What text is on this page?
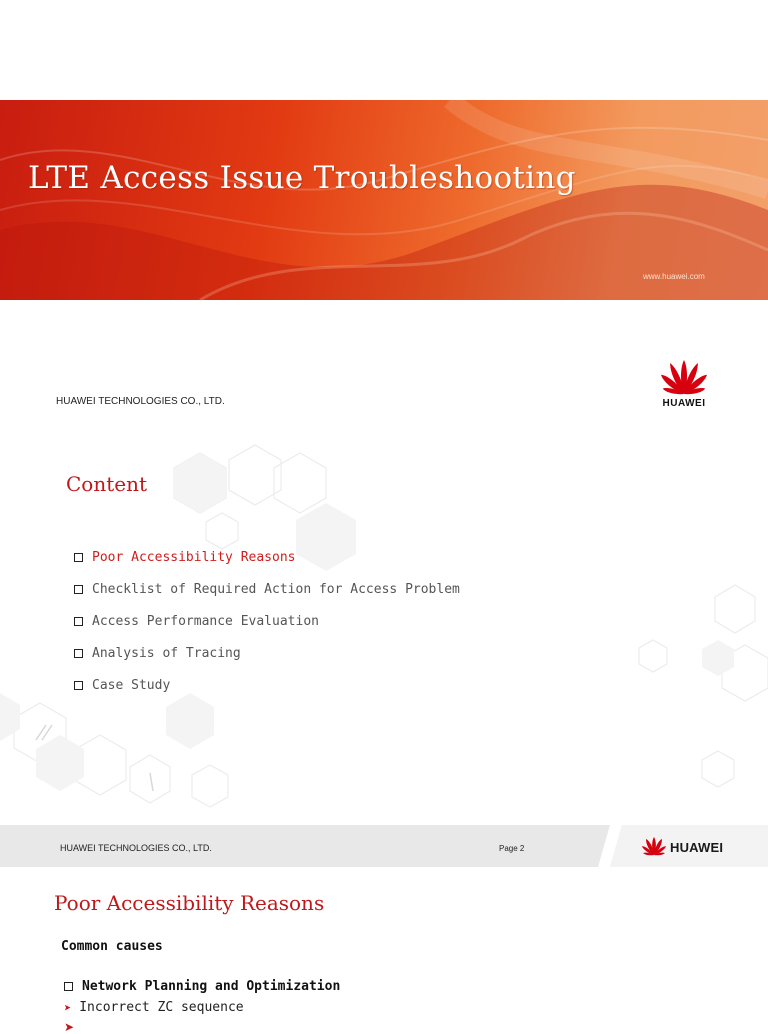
LTE Access Issue Troubleshooting
www.huawei.com
HUAWEI TECHNOLOGIES CO., LTD.	HUAWEI
Content
Poor Accessibility Reasons
Checklist of Required Action for Access Problem
Access Performance Evaluation
Analysis of Tracing
Case Study
HUAWEI TECHNOLOGIES CO., LTD.	Page 2	HUAWEI
Poor Accessibility Reasons
Common causes
Network Planning and Optimization
➤ Incorrect ZC sequence
➤
